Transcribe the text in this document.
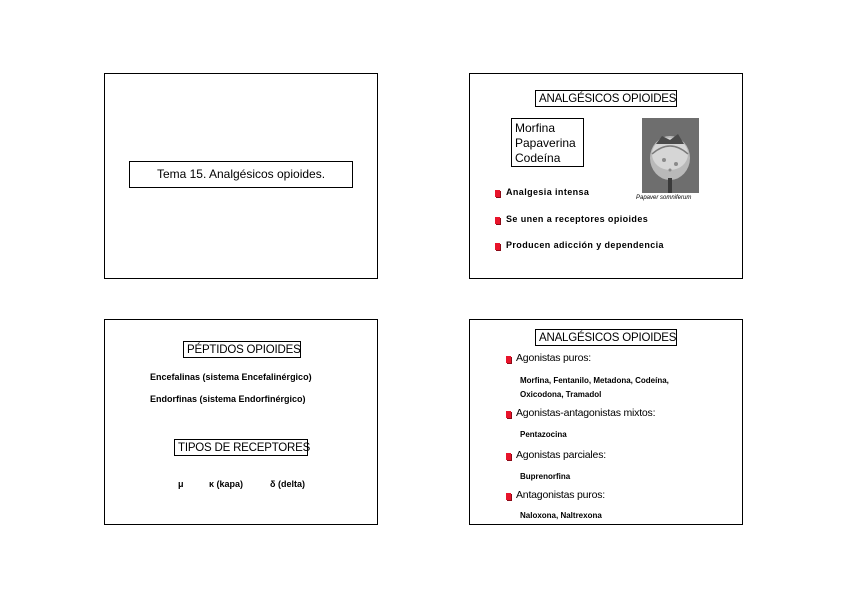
Tema 15. Analgésicos opioides.
ANALGÉSICOS OPIOIDES
Morfina
Papaverina
Codeína
Papaver somniferum
Analgesia intensa
Se unen a receptores opioides
Producen adicción y dependencia
PÉPTIDOS OPIOIDES
Encefalinas (sistema Encefalinérgico)
Endorfinas (sistema Endorfinérgico)
TIPOS DE RECEPTORES
μ	κ (kapa)	δ (delta)
ANALGÉSICOS OPIOIDES
Agonistas puros:
Morfina, Fentanilo, Metadona, Codeína,
Oxicodona, Tramadol
Agonistas-antagonistas mixtos:
Pentazocina
Agonistas parciales:
Buprenorfina
Antagonistas puros:
Naloxona, Naltrexona
